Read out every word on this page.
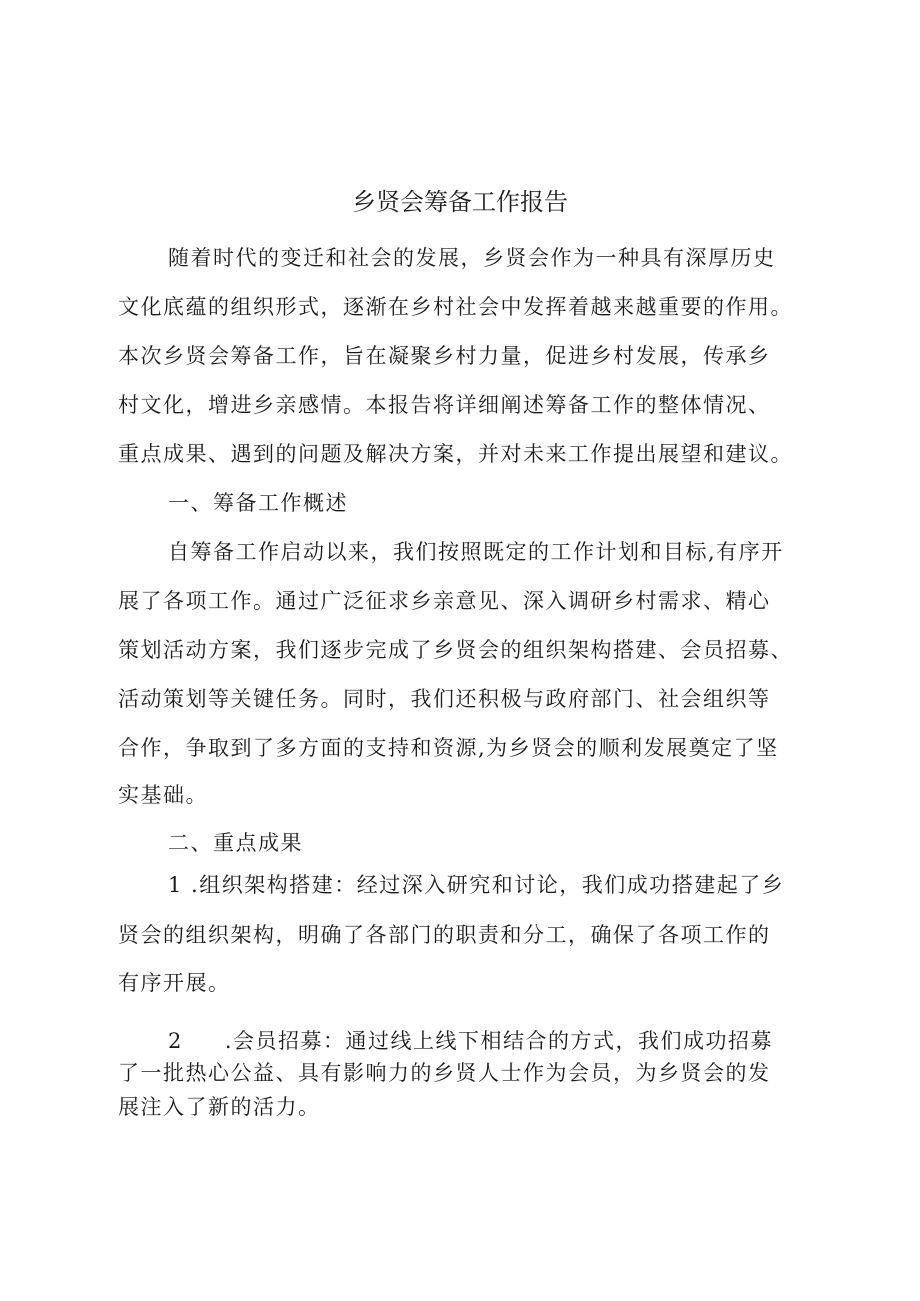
乡贤会筹备工作报告
随着时代的变迁和社会的发展，乡贤会作为一种具有深厚历史
文化底蕴的组织形式，逐渐在乡村社会中发挥着越来越重要的作用。
本次乡贤会筹备工作，旨在凝聚乡村力量，促进乡村发展，传承乡
村文化，增进乡亲感情。本报告将详细阐述筹备工作的整体情况、
重点成果、遇到的问题及解决方案，并对未来工作提出展望和建议。
一、筹备工作概述
自筹备工作启动以来，我们按照既定的工作计划和目标,有序开
展了各项工作。通过广泛征求乡亲意见、深入调研乡村需求、精心
策划活动方案，我们逐步完成了乡贤会的组织架构搭建、会员招募、
活动策划等关键任务。同时，我们还积极与政府部门、社会组织等
合作，争取到了多方面的支持和资源,为乡贤会的顺利发展奠定了坚
实基础。
二、重点成果
1 .组织架构搭建：经过深入研究和讨论，我们成功搭建起了乡
贤会的组织架构，明确了各部门的职责和分工，确保了各项工作的
有序开展。
2 .会员招募：通过线上线下相结合的方式，我们成功招募
了一批热心公益、具有影响力的乡贤人士作为会员，为乡贤会的发
展注入了新的活力。
